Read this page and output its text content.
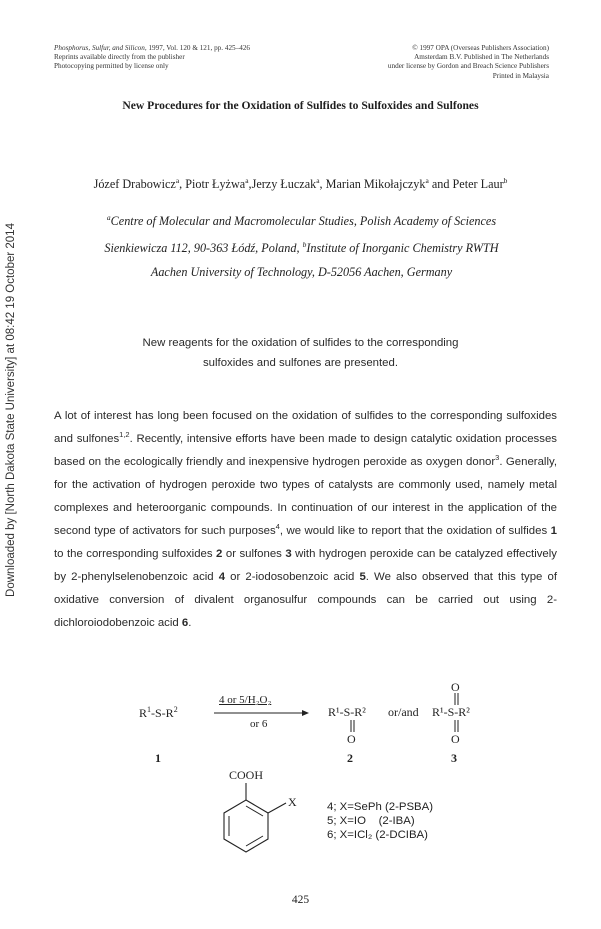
Downloaded by [North Dakota State University] at 08:42 19 October 2014
Phosphorus, Sulfur, and Silicon, 1997, Vol. 120 & 121, pp. 425–426
Reprints available directly from the publisher
Photocopying permitted by license only
© 1997 OPA (Overseas Publishers Association)
Amsterdam B.V. Published in The Netherlands
under license by Gordon and Breach Science Publishers
Printed in Malaysia
New Procedures for the Oxidation of Sulfides to Sulfoxides and Sulfones
Józef Drabowicz$^a$, Piotr Łyżwa$^a$,Jerzy Łuczak$^a$, Marian Mikołajczyk$^a$ and Peter Laur$^b$
$^a$Centre of Molecular and Macromolecular Studies, Polish Academy of Sciences
Sienkiewicza 112, 90-363 Łódź, Poland, $^b$Institute of Inorganic Chemistry RWTH
Aachen University of Technology, D-52056 Aachen, Germany
New reagents for the oxidation of sulfides to the corresponding
sulfoxides and sulfones are presented.
A lot of interest has long been focused on the oxidation of sulfides to the corresponding sulfoxides and sulfones$^{1,2}$. Recently, intensive efforts have been made to design catalytic oxidation processes based on the ecologically friendly and inexpensive hydrogen peroxide as oxygen donor$^3$. Generally, for the activation of hydrogen peroxide two types of catalysts are commonly used, namely metal complexes and heteroorganic compounds. In continuation of our interest in the application of the second type of activators for such purposes$^4$, we would like to report that the oxidation of sulfides 1 to the corresponding sulfoxides 2 or sulfones 3 with hydrogen peroxide can be catalyzed effectively by 2-phenylselenobenzoic acid 4 or 2-iodosobenzoic acid 5. We also observed that this type of oxidative conversion of divalent organosulfur compounds can be carried out using 2-dichloroiodobenzoic acid 6.
$R^1-S-R^2$
4 or 5/H₂O₂
or 6
R¹-S-R²
O
or/and R¹-S-R²
O
O
1	2	3
COOH
X	4; X=SePh (2-PSBA)
5; X=IO    (2-IBA)
6; X=ICl₂ (2-DCIBA)
425
